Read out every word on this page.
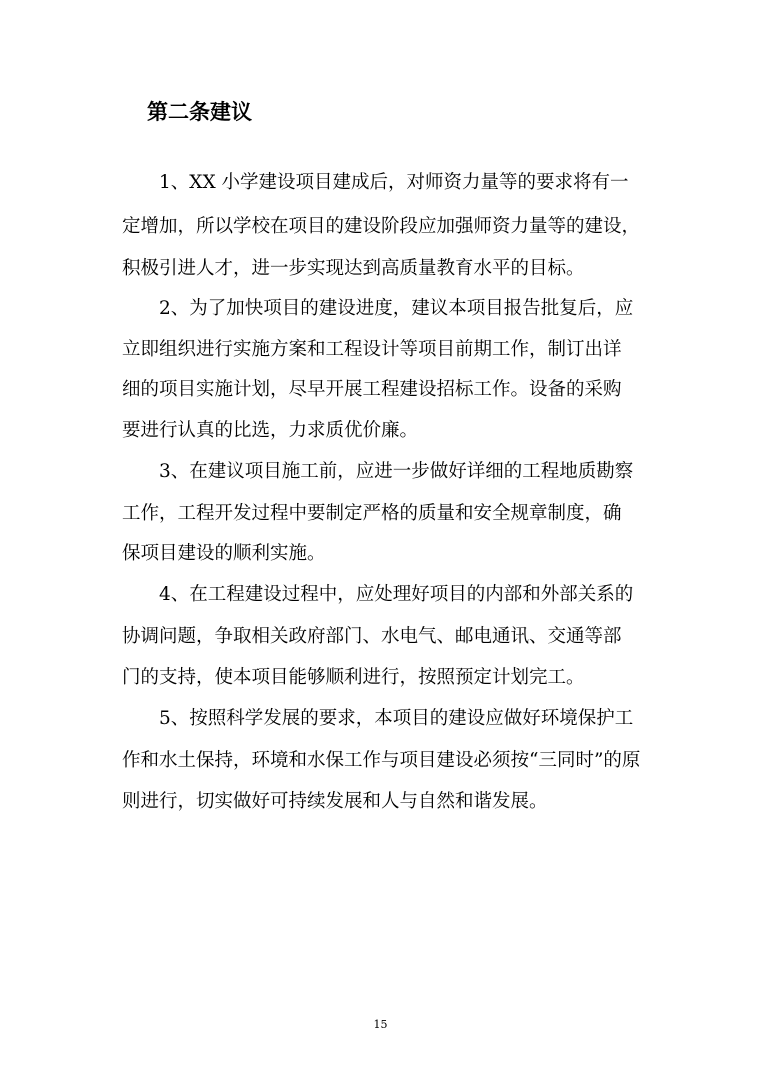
第二条建议

1、XX 小学建设项目建成后，对师资力量等的要求将有一

定增加，所以学校在项目的建设阶段应加强师资力量等的建设，

积极引进人才，进一步实现达到高质量教育水平的目标。

2、为了加快项目的建设进度，建议本项目报告批复后，应

立即组织进行实施方案和工程设计等项目前期工作，制订出详

细的项目实施计划，尽早开展工程建设招标工作。设备的采购

要进行认真的比选，力求质优价廉。

3、在建议项目施工前，应进一步做好详细的工程地质勘察

工作，工程开发过程中要制定严格的质量和安全规章制度，确

保项目建设的顺利实施。

4、在工程建设过程中，应处理好项目的内部和外部关系的

协调问题，争取相关政府部门、水电气、邮电通讯、交通等部

门的支持，使本项目能够顺利进行，按照预定计划完工。

5、按照科学发展的要求，本项目的建设应做好环境保护工

作和水土保持，环境和水保工作与项目建设必须按“三同时”的原

则进行，切实做好可持续发展和人与自然和谐发展。

15
